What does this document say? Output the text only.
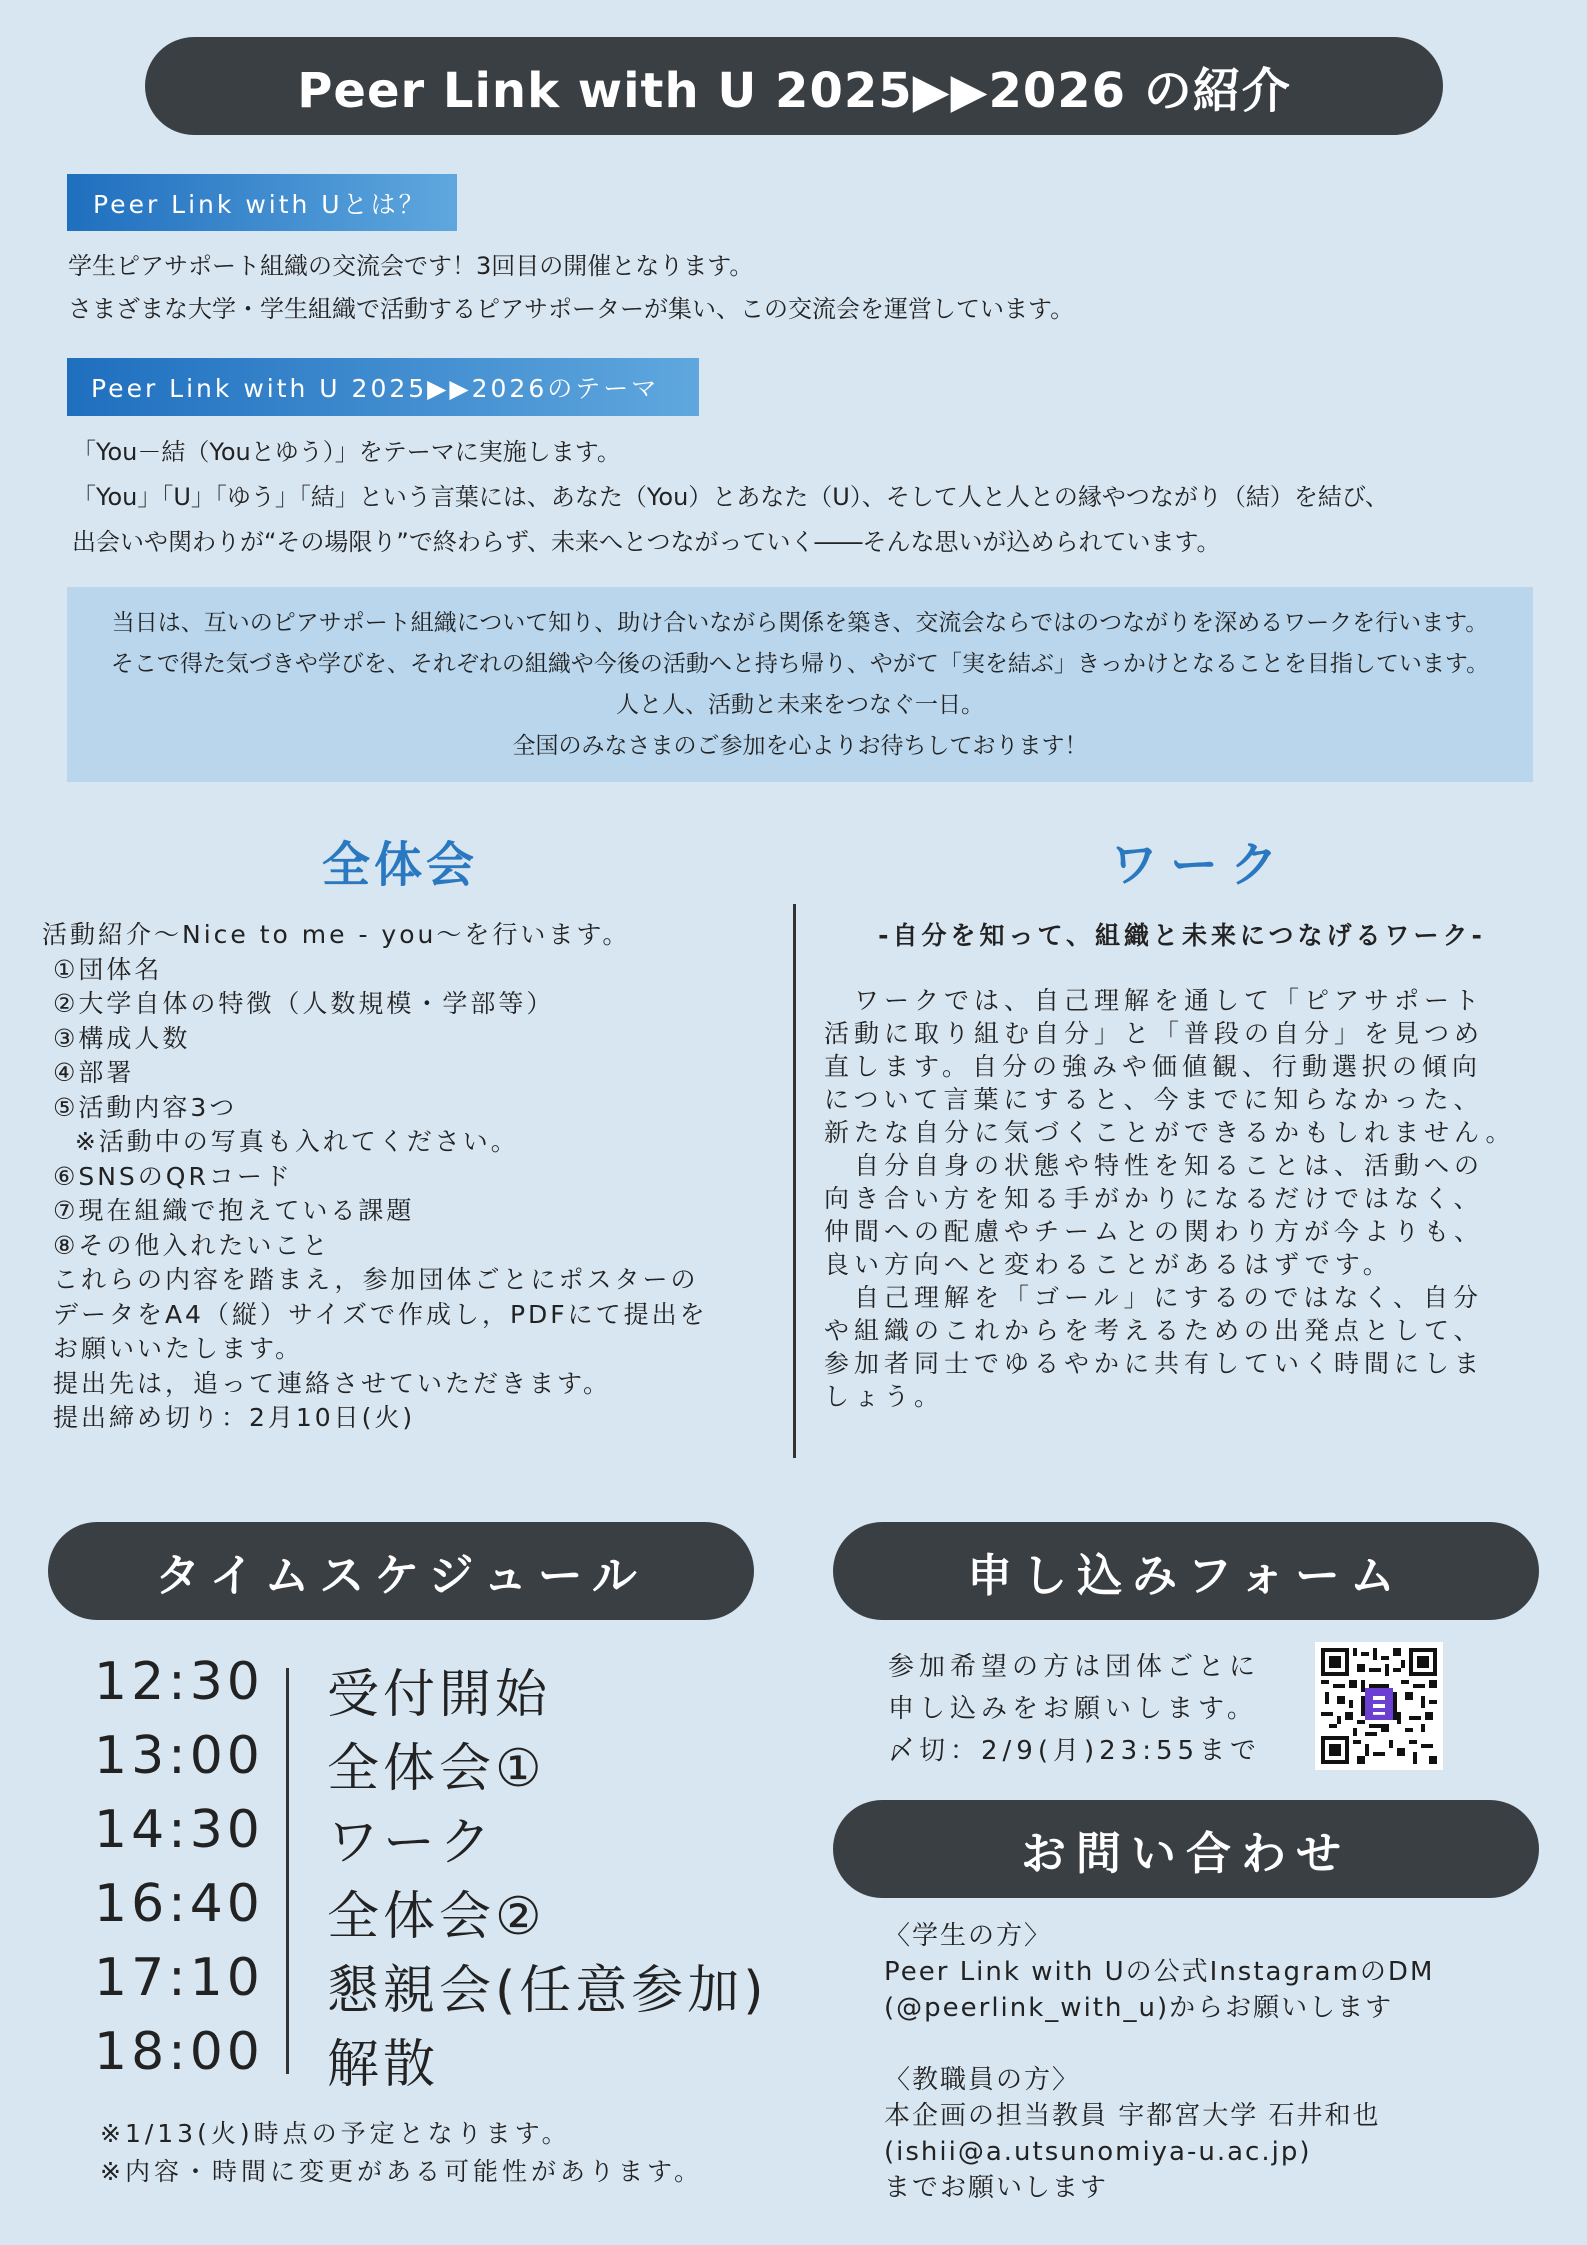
Peer Link with U 2025▶▶2026 の紹介
Peer Link with Uとは？
学生ピアサポート組織の交流会です！3回目の開催となります。
さまざまな大学・学生組織で活動するピアサポーターが集い、この交流会を運営しています。
Peer Link with U 2025▶▶2026のテーマ
「You－結（Youとゆう）」をテーマに実施します。
「You」「U」「ゆう」「結」という言葉には、あなた（You）とあなた（U）、そして人と人との縁やつながり（結）を結び、
出会いや関わりが“その場限り”で終わらず、未来へとつながっていく――そんな思いが込められています。
当日は、互いのピアサポート組織について知り、助け合いながら関係を築き、交流会ならではのつながりを深めるワークを行います。
そこで得た気づきや学びを、それぞれの組織や今後の活動へと持ち帰り、やがて「実を結ぶ」きっかけとなることを目指しています。
人と人、活動と未来をつなぐ一日。
全国のみなさまのご参加を心よりお待ちしております！
全体会	ワーク
活動紹介～Nice to me - you～を行います。
①団体名
②大学自体の特徴（人数規模・学部等）
③構成人数
④部署
⑤活動内容3つ
※活動中の写真も入れてください。
⑥SNSのQRコード
⑦現在組織で抱えている課題
⑧その他入れたいこと
これらの内容を踏まえ，参加団体ごとにポスターの
データをA4（縦）サイズで作成し，PDFにて提出を
お願いいたします。
提出先は，追って連絡させていただきます。
提出締め切り：2月10日(火)
-自分を知って、組織と未来につなげるワーク-
　ワークでは、自己理解を通して「ピアサポート
活動に取り組む自分」と「普段の自分」を見つめ
直します。自分の強みや価値観、行動選択の傾向
について言葉にすると、今までに知らなかった、
新たな自分に気づくことができるかもしれません。
　自分自身の状態や特性を知ることは、活動への
向き合い方を知る手がかりになるだけではなく、
仲間への配慮やチームとの関わり方が今よりも、
良い方向へと変わることがあるはずです。
　自己理解を「ゴール」にするのではなく、自分
や組織のこれからを考えるための出発点として、
参加者同士でゆるやかに共有していく時間にしま
しょう。
タイムスケジュール
12:30 受付開始
13:00 全体会①
14:30 ワーク
16:40 全体会②
17:10 懇親会(任意参加)
18:00 解散
※1/13(火)時点の予定となります。
※内容・時間に変更がある可能性があります。
申し込みフォーム
参加希望の方は団体ごとに
申し込みをお願いします。
〆切：2/9(月)23:55まで
お問い合わせ
〈学生の方〉
Peer Link with Uの公式InstagramのDM
(@peerlink_with_u)からお願いします
〈教職員の方〉
本企画の担当教員 宇都宮大学 石井和也
(ishii@a.utsunomiya-u.ac.jp)
までお願いします
